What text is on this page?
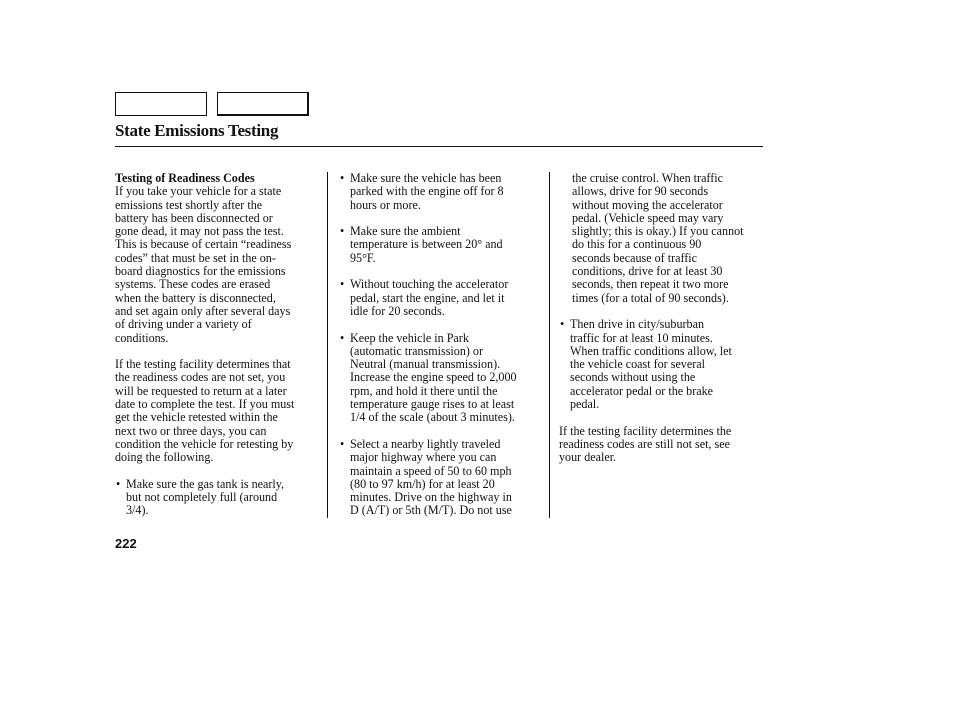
State Emissions Testing

Testing of Readiness Codes

If you take your vehicle for a state
emissions test shortly after the
battery has been disconnected or
gone dead, it may not pass the test.
This is because of certain “readiness
codes” that must be set in the on-
board diagnostics for the emissions
systems. These codes are erased
when the battery is disconnected,
and set again only after several days
of driving under a variety of
conditions.

If the testing facility determines that
the readiness codes are not set, you
will be requested to return at a later
date to complete the test. If you must
get the vehicle retested within the
next two or three days, you can
condition the vehicle for retesting by
doing the following.

• Make sure the gas tank is nearly,
but not completely full (around
3/4).

• Make sure the vehicle has been
parked with the engine off for 8
hours or more.

• Make sure the ambient
temperature is between 20° and
95°F.

• Without touching the accelerator
pedal, start the engine, and let it
idle for 20 seconds.

• Keep the vehicle in Park
(automatic transmission) or
Neutral (manual transmission).
Increase the engine speed to 2,000
rpm, and hold it there until the
temperature gauge rises to at least
1/4 of the scale (about 3 minutes).

• Select a nearby lightly traveled
major highway where you can
maintain a speed of 50 to 60 mph
(80 to 97 km/h) for at least 20
minutes. Drive on the highway in
D (A/T) or 5th (M/T). Do not use

the cruise control. When traffic
allows, drive for 90 seconds
without moving the accelerator
pedal. (Vehicle speed may vary
slightly; this is okay.) If you cannot
do this for a continuous 90
seconds because of traffic
conditions, drive for at least 30
seconds, then repeat it two more
times (for a total of 90 seconds).

• Then drive in city/suburban
traffic for at least 10 minutes.
When traffic conditions allow, let
the vehicle coast for several
seconds without using the
accelerator pedal or the brake
pedal.

If the testing facility determines the
readiness codes are still not set, see
your dealer.

222
